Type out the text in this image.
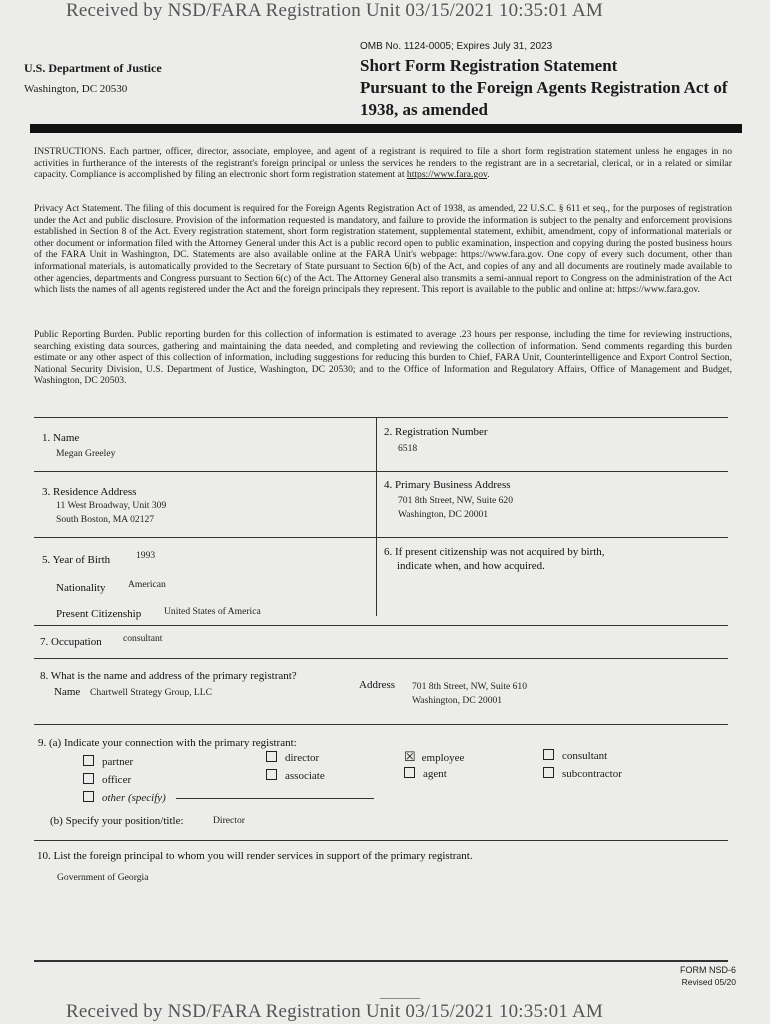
Received by NSD/FARA Registration Unit 03/15/2021 10:35:01 AM
OMB No. 1124-0005; Expires July 31, 2023
U.S. Department of Justice
Washington, DC 20530
Short Form Registration Statement
Pursuant to the Foreign Agents Registration Act of
1938, as amended
INSTRUCTIONS. Each partner, officer, director, associate, employee, and agent of a registrant is required to file a short form registration statement unless he engages in no activities in furtherance of the interests of the registrant's foreign principal or unless the services he renders to the registrant are in a secretarial, clerical, or in a related or similar capacity. Compliance is accomplished by filing an electronic short form registration statement at https://www.fara.gov.
Privacy Act Statement. The filing of this document is required for the Foreign Agents Registration Act of 1938, as amended, 22 U.S.C. § 611 et seq., for the purposes of registration under the Act and public disclosure. Provision of the information requested is mandatory, and failure to provide the information is subject to the penalty and enforcement provisions established in Section 8 of the Act. Every registration statement, short form registration statement, supplemental statement, exhibit, amendment, copy of informational materials or other document or information filed with the Attorney General under this Act is a public record open to public examination, inspection and copying during the posted business hours of the FARA Unit in Washington, DC. Statements are also available online at the FARA Unit's webpage: https://www.fara.gov. One copy of every such document, other than informational materials, is automatically provided to the Secretary of State pursuant to Section 6(b) of the Act, and copies of any and all documents are routinely made available to other agencies, departments and Congress pursuant to Section 6(c) of the Act. The Attorney General also transmits a semi-annual report to Congress on the administration of the Act which lists the names of all agents registered under the Act and the foreign principals they represent. This report is available to the public and online at: https://www.fara.gov.
Public Reporting Burden. Public reporting burden for this collection of information is estimated to average .23 hours per response, including the time for reviewing instructions, searching existing data sources, gathering and maintaining the data needed, and completing and reviewing the collection of information. Send comments regarding this burden estimate or any other aspect of this collection of information, including suggestions for reducing this burden to Chief, FARA Unit, Counterintelligence and Export Control Section, National Security Division, U.S. Department of Justice, Washington, DC 20530; and to the Office of Information and Regulatory Affairs, Office of Management and Budget, Washington, DC 20503.
1. Name
Megan Greeley
2. Registration Number
6518
3. Residence Address
11 West Broadway, Unit 309
South Boston, MA 02127
4. Primary Business Address
701 8th Street, NW, Suite 620
Washington, DC 20001
5. Year of Birth	1993	6. If present citizenship was not acquired by birth,
indicate when, and how acquired.
Nationality American
Present Citizenship United States of America
7. Occupation consultant
8. What is the name and address of the primary registrant?
Name Chartwell Strategy Group, LLC
Address 701 8th Street, NW, Suite 610
Washington, DC 20001
9. (a) Indicate your connection with the primary registrant:
partner
officer
other (specify)
director
associate
☒ employee
agent
consultant
subcontractor
(b) Specify your position/title:	Director
10. List the foreign principal to whom you will render services in support of the primary registrant.
Government of Georgia
FORM NSD-6
Revised 05/20
Received by NSD/FARA Registration Unit 03/15/2021 10:35:01 AM
